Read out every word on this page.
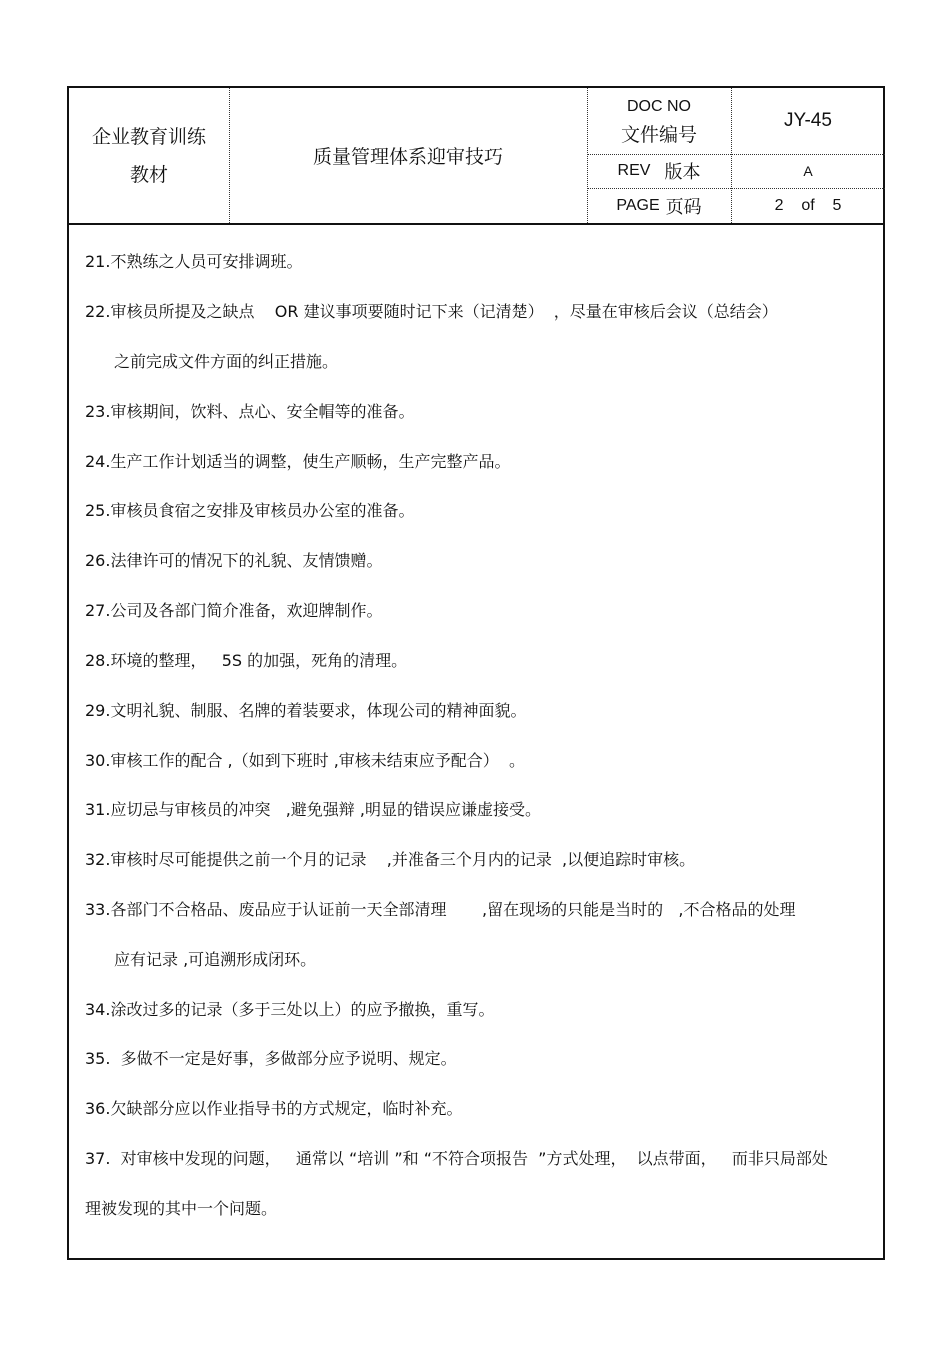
企业教育训练
教材
质量管理体系迎审技巧
DOC NO
文件编号
JY-45
REV 版本	A
PAGE 页码	2    of    5
21.不熟练之人员可安排调班。
22.审核员所提及之缺点    OR 建议事项要随时记下来（记清楚）  ，尽量在审核后会议（总结会）
之前完成文件方面的纠正措施。
23.审核期间，饮料、点心、安全帽等的准备。
24.生产工作计划适当的调整，使生产顺畅，生产完整产品。
25.审核员食宿之安排及审核员办公室的准备。
26.法律许可的情况下的礼貌、友情馈赠。
27.公司及各部门简介准备，欢迎牌制作。
28.环境的整理，   5S 的加强，死角的清理。
29.文明礼貌、制服、名牌的着装要求，体现公司的精神面貌。
30.审核工作的配合 ,（如到下班时 ,审核未结束应予配合）  。
31.应切忌与审核员的冲突   ,避免强辩 ,明显的错误应谦虚接受。
32.审核时尽可能提供之前一个月的记录    ,并准备三个月内的记录  ,以便追踪时审核。
33.各部门不合格品、废品应于认证前一天全部清理       ,留在现场的只能是当时的   ,不合格品的处理
应有记录 ,可追溯形成闭环。
34.涂改过多的记录（多于三处以上）的应予撤换，重写。
35.  多做不一定是好事，多做部分应予说明、规定。
36.欠缺部分应以作业指导书的方式规定，临时补充。
37.  对审核中发现的问题，   通常以 “培训 ”和 “不符合项报告  ”方式处理，  以点带面，   而非只局部处
理被发现的其中一个问题。
